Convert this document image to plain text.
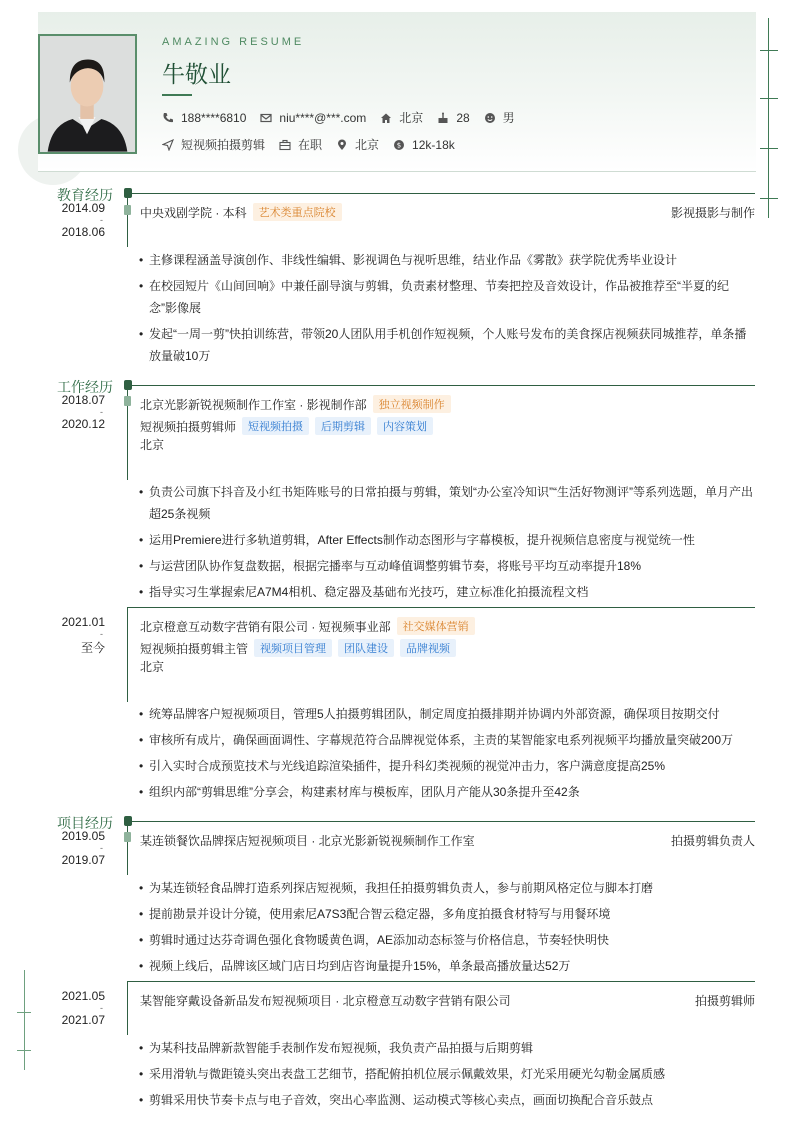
AMAZING RESUME
牛敬业
188****6810	niu****@***.com	北京	28	男
短视频拍摄剪辑	在职	北京	$ 12k-18k
教育经历
2014.09
-
2018.06
中央戏剧学院 · 本科	艺术类重点院校	影视摄影与制作
• 主修课程涵盖导演创作、非线性编辑、影视调色与视听思维，结业作品《雾散》获学院优秀毕业设计
• 在校园短片《山间回响》中兼任副导演与剪辑，负责素材整理、节奏把控及音效设计，作品被推荐至“半夏的纪念”影像展
• 发起“一周一剪”快拍训练营，带领20人团队用手机创作短视频，个人账号发布的美食探店视频获同城推荐，单条播放量破10万
工作经历
2018.07
-
2020.12
北京光影新锐视频制作工作室 · 影视制作部	独立视频制作
短视频拍摄剪辑师	短视频拍摄	后期剪辑	内容策划
北京
• 负责公司旗下抖音及小红书矩阵账号的日常拍摄与剪辑，策划“办公室冷知识”“生活好物测评”等系列选题，单月产出超25条视频
• 运用Premiere进行多轨道剪辑，After Effects制作动态图形与字幕模板，提升视频信息密度与视觉统一性
• 与运营团队协作复盘数据，根据完播率与互动峰值调整剪辑节奏，将账号平均互动率提升18%
• 指导实习生掌握索尼A7M4相机、稳定器及基础布光技巧，建立标准化拍摄流程文档
2021.01
-
至今
北京橙意互动数字营销有限公司 · 短视频事业部	社交媒体营销
短视频拍摄剪辑主管	视频项目管理	团队建设	品牌视频
北京
• 统筹品牌客户短视频项目，管理5人拍摄剪辑团队，制定周度拍摄排期并协调内外部资源，确保项目按期交付
• 审核所有成片，确保画面调性、字幕规范符合品牌视觉体系，主责的某智能家电系列视频平均播放量突破200万
• 引入实时合成预览技术与光线追踪渲染插件，提升科幻类视频的视觉冲击力，客户满意度提高25%
• 组织内部“剪辑思维”分享会，构建素材库与模板库，团队月产能从30条提升至42条
项目经历
2019.05
-
2019.07
某连锁餐饮品牌探店短视频项目 · 北京光影新锐视频制作工作室	拍摄剪辑负责人
• 为某连锁轻食品牌打造系列探店短视频，我担任拍摄剪辑负责人，参与前期风格定位与脚本打磨
• 提前勘景并设计分镜，使用索尼A7S3配合智云稳定器，多角度拍摄食材特写与用餐环境
• 剪辑时通过达芬奇调色强化食物暖黄色调，AE添加动态标签与价格信息，节奏轻快明快
• 视频上线后，品牌该区域门店日均到店咨询量提升15%，单条最高播放量达52万
2021.05
-
2021.07
某智能穿戴设备新品发布短视频项目 · 北京橙意互动数字营销有限公司	拍摄剪辑师
• 为某科技品牌新款智能手表制作发布短视频，我负责产品拍摄与后期剪辑
• 采用滑轨与微距镜头突出表盘工艺细节，搭配俯拍机位展示佩戴效果，灯光采用硬光勾勒金属质感
• 剪辑采用快节奏卡点与电子音效，突出心率监测、运动模式等核心卖点，画面切换配合音乐鼓点
